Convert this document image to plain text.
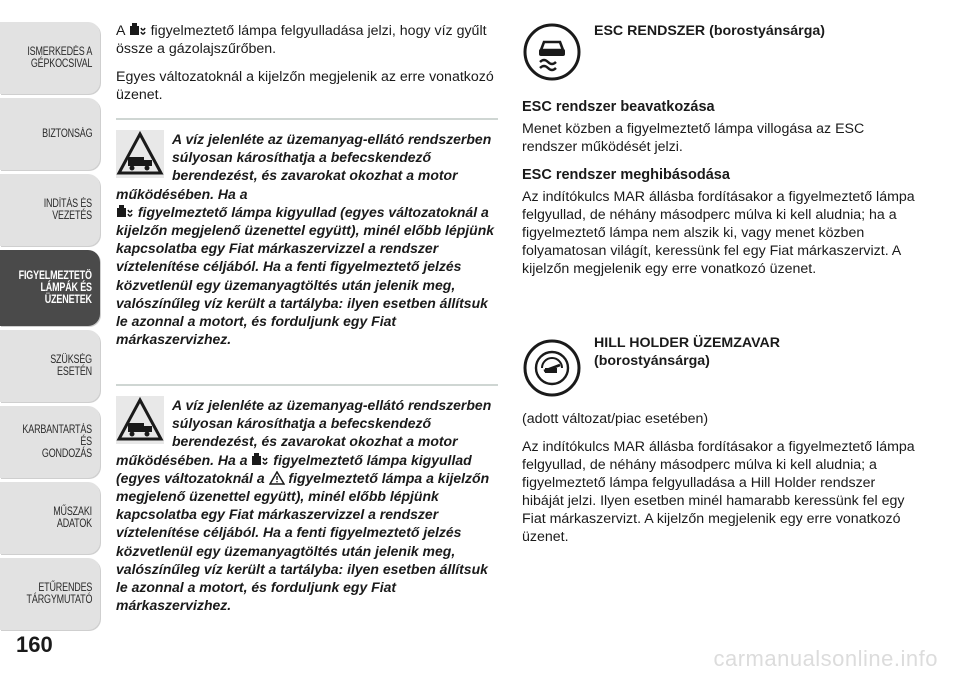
ISMERKEDÉS A
GÉPKOCSIVAL
BIZTONSÁG
INDÍTÁS ÉS VEZETÉS
FIGYELMEZTETŐ
LÁMPÁK ÉS
ÜZENETEK
SZÜKSÉG ESETÉN
KARBANTARTÁS ÉS
GONDOZÁS
MŰSZAKI ADATOK
ETŰRENDES
TÁRGYMUTATÓ
160

A figyelmeztető lámpa felgyulladása jelzi, hogy víz gyűlt össze a gázolajszűrőben.

Egyes változatoknál a kijelzőn megjelenik az erre vonatkozó üzenet.

A víz jelenléte az üzemanyag-ellátó rendszerben súlyosan károsíthatja a befecskendező berendezést, és zavarokat okozhat a motor működésében. Ha a
figyelmeztető lámpa kigyullad (egyes változatoknál a kijelzőn megjelenő üzenettel együtt), minél előbb lépjünk kapcsolatba egy Fiat márkaszervizzel a rendszer víztelenítése céljából. Ha a fenti figyelmeztető jelzés közvetlenül egy üzemanyagtöltés után jelenik meg, valószínűleg víz került a tartályba: ilyen esetben állítsuk le azonnal a motort, és forduljunk egy Fiat márkaszervizhez.
A víz jelenléte az üzemanyag-ellátó rendszerben súlyosan károsíthatja a befecskendező berendezést, és zavarokat okozhat a motor működésében. Ha a figyelmeztető lámpa kigyullad (egyes változatoknál a figyelmeztető lámpa a kijelzőn megjelenő üzenettel együtt), minél előbb lépjünk kapcsolatba egy Fiat márkaszervizzel a rendszer víztelenítése céljából. Ha a fenti figyelmeztető jelzés közvetlenül egy üzemanyagtöltés után jelenik meg, valószínűleg víz került a tartályba: ilyen esetben állítsuk le azonnal a motort, és forduljunk egy Fiat márkaszervizhez.
ESC RENDSZER (borostyánsárga)

ESC rendszer beavatkozása

Menet közben a figyelmeztető lámpa villogása az ESC rendszer működését jelzi.

ESC rendszer meghibásodása

Az indítókulcs MAR állásba fordításakor a figyelmeztető lámpa felgyullad, de néhány másodperc múlva ki kell aludnia; ha a figyelmeztető lámpa nem alszik ki, vagy menet közben folyamatosan világít, keressünk fel egy Fiat márkaszervizt. A kijelzőn megjelenik egy erre vonatkozó üzenet.

HILL HOLDER ÜZEMZAVAR
(borostyánsárga)

(adott változat/piac esetében)

Az indítókulcs MAR állásba fordításakor a figyelmeztető lámpa felgyullad, de néhány másodperc múlva ki kell aludnia; a figyelmeztető lámpa felgyulladása a Hill Holder rendszer hibáját jelzi. Ilyen esetben minél hamarabb keressünk fel egy Fiat márkaszervizt. A kijelzőn megjelenik egy erre vonatkozó üzenet.

carmanualsonline.info
